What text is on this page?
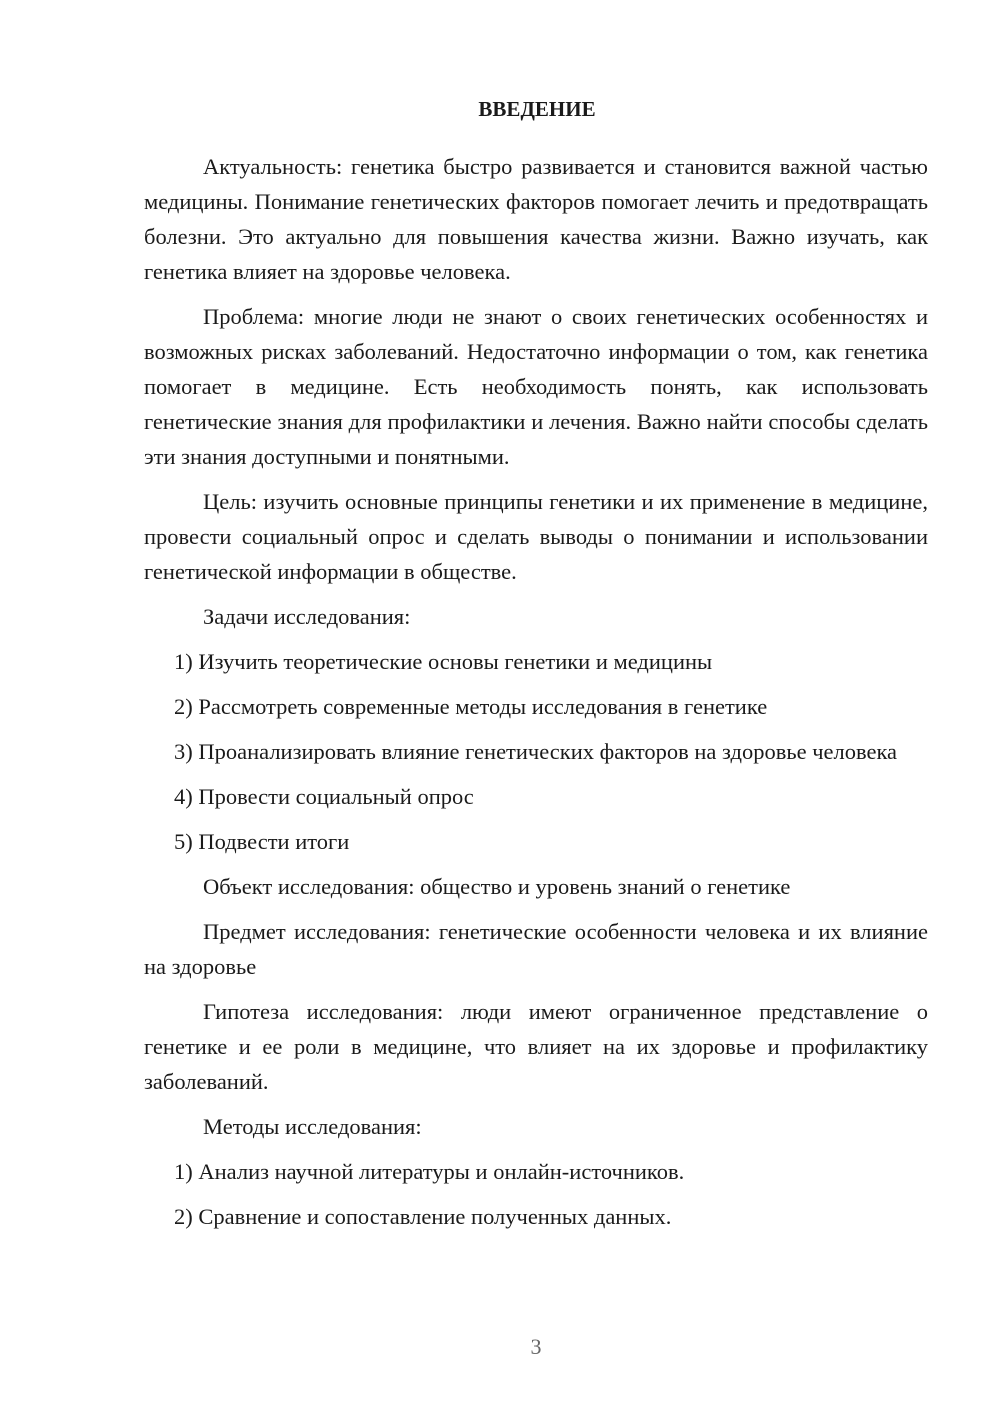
ВВЕДЕНИЕ

Актуальность: генетика быстро развивается и становится важной частью медицины. Понимание генетических факторов помогает лечить и предотвращать болезни. Это актуально для повышения качества жизни. Важно изучать, как генетика влияет на здоровье человека.

Проблема: многие люди не знают о своих генетических особенностях и возможных рисках заболеваний. Недостаточно информации о том, как генетика помогает в медицине. Есть необходимость понять, как использовать генетические знания для профилактики и лечения. Важно найти способы сделать эти знания доступными и понятными.

Цель: изучить основные принципы генетики и их применение в медицине, провести социальный опрос и сделать выводы о понимании и использовании генетической информации в обществе.

Задачи исследования:

1) Изучить теоретические основы генетики и медицины

2) Рассмотреть современные методы исследования в генетике

3) Проанализировать влияние генетических факторов на здоровье человека

4) Провести социальный опрос

5) Подвести итоги

Объект исследования: общество и уровень знаний о генетике

Предмет исследования: генетические особенности человека и их влияние на здоровье

Гипотеза исследования: люди имеют ограниченное представление о генетике и ее роли в медицине, что влияет на их здоровье и профилактику заболеваний.

Методы исследования:

1) Анализ научной литературы и онлайн-источников.

2) Сравнение и сопоставление полученных данных.

3
